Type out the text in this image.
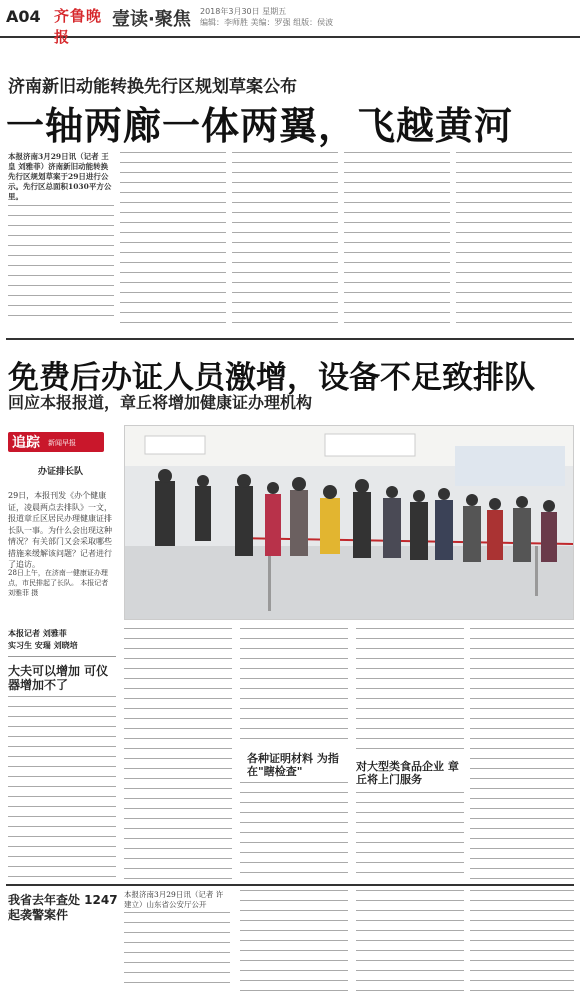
A04 齐鲁晚报
壹读·聚焦 2018年3月30日 星期五
编辑：李师胜 美编：罗强 组版：侯波
济南新旧动能转换先行区规划草案公布
一轴两廊一体两翼，飞越黄河
本报济南3月29日讯（记者 王皇 刘雅菲）济南新旧动能转换先行区规划草案于29日进行公示。先行区总面积1030平方公里。
免费后办证人员激增，设备不足致排队
回应本报报道，章丘将增加健康证办理机构
追踪 新闻早报
办证排长队
29日，本报刊发《办个健康证，凌晨两点去排队》一文，报道章丘区居民办理健康证排长队一事。为什么会出现这种情况？有关部门又会采取哪些措施来缓解该问题？记者进行了追访。
28日上午，在济南一健康证办理点，市民排起了长队。 本报记者 刘雅菲 摄
本报记者 刘雅菲
实习生 安瑞 刘晓培
大夫可以增加 可仪器增加不了
各种证明材料 为指在"瞎检查"	对大型类食品企业 章丘将上门服务
我省去年查处 1247起袭警案件
本报济南3月29日讯（记者 许建立）山东省公安厅公开
